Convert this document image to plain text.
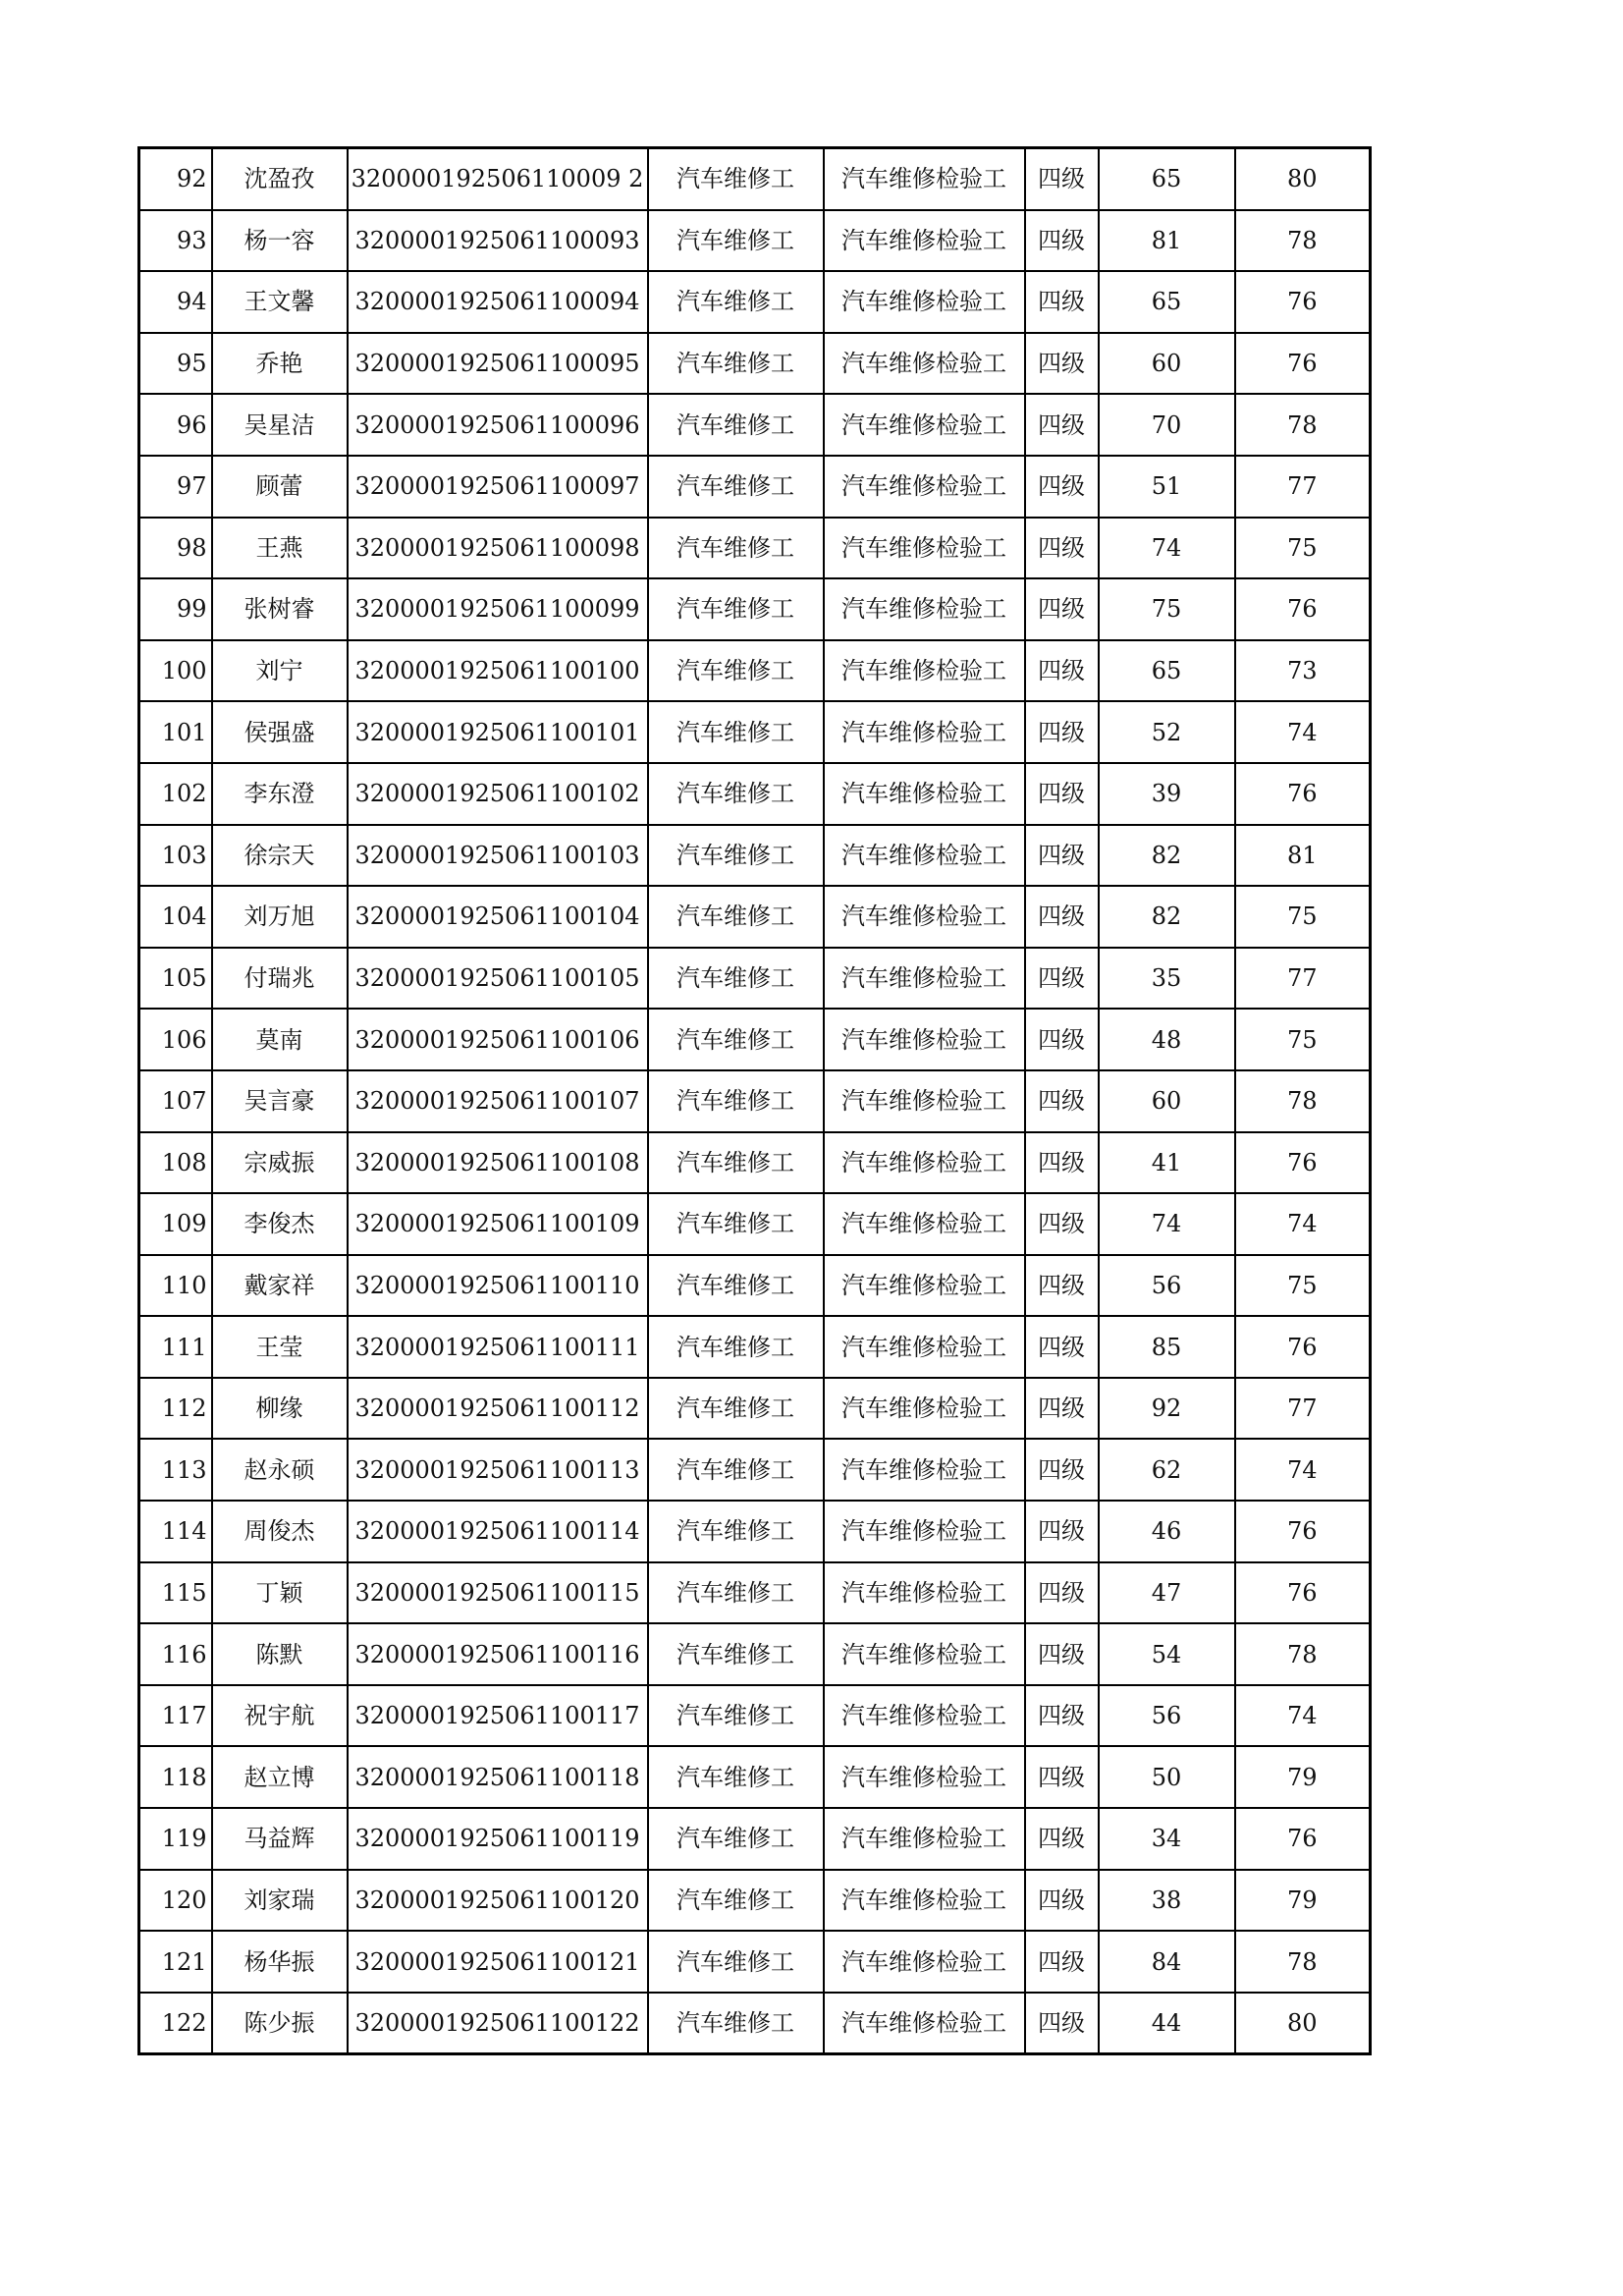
92	沈盈孜	320000192506110009 2	汽车维修工	汽车维修检验工	四级	65	80
93	杨一容	3200001925061100093	汽车维修工	汽车维修检验工	四级	81	78
94	王文馨	3200001925061100094	汽车维修工	汽车维修检验工	四级	65	76
95	乔艳	3200001925061100095	汽车维修工	汽车维修检验工	四级	60	76
96	吴星洁	3200001925061100096	汽车维修工	汽车维修检验工	四级	70	78
97	顾蕾	3200001925061100097	汽车维修工	汽车维修检验工	四级	51	77
98	王燕	3200001925061100098	汽车维修工	汽车维修检验工	四级	74	75
99	张树睿	3200001925061100099	汽车维修工	汽车维修检验工	四级	75	76
100	刘宁	3200001925061100100	汽车维修工	汽车维修检验工	四级	65	73
101	侯强盛	3200001925061100101	汽车维修工	汽车维修检验工	四级	52	74
102	李东澄	3200001925061100102	汽车维修工	汽车维修检验工	四级	39	76
103	徐宗天	3200001925061100103	汽车维修工	汽车维修检验工	四级	82	81
104	刘万旭	3200001925061100104	汽车维修工	汽车维修检验工	四级	82	75
105	付瑞兆	3200001925061100105	汽车维修工	汽车维修检验工	四级	35	77
106	莫南	3200001925061100106	汽车维修工	汽车维修检验工	四级	48	75
107	吴言豪	3200001925061100107	汽车维修工	汽车维修检验工	四级	60	78
108	宗威振	3200001925061100108	汽车维修工	汽车维修检验工	四级	41	76
109	李俊杰	3200001925061100109	汽车维修工	汽车维修检验工	四级	74	74
110	戴家祥	3200001925061100110	汽车维修工	汽车维修检验工	四级	56	75
111	王莹	3200001925061100111	汽车维修工	汽车维修检验工	四级	85	76
112	柳缘	3200001925061100112	汽车维修工	汽车维修检验工	四级	92	77
113	赵永硕	3200001925061100113	汽车维修工	汽车维修检验工	四级	62	74
114	周俊杰	3200001925061100114	汽车维修工	汽车维修检验工	四级	46	76
115	丁颖	3200001925061100115	汽车维修工	汽车维修检验工	四级	47	76
116	陈默	3200001925061100116	汽车维修工	汽车维修检验工	四级	54	78
117	祝宇航	3200001925061100117	汽车维修工	汽车维修检验工	四级	56	74
118	赵立博	3200001925061100118	汽车维修工	汽车维修检验工	四级	50	79
119	马益辉	3200001925061100119	汽车维修工	汽车维修检验工	四级	34	76
120	刘家瑞	3200001925061100120	汽车维修工	汽车维修检验工	四级	38	79
121	杨华振	3200001925061100121	汽车维修工	汽车维修检验工	四级	84	78
122	陈少振	3200001925061100122	汽车维修工	汽车维修检验工	四级	44	80
